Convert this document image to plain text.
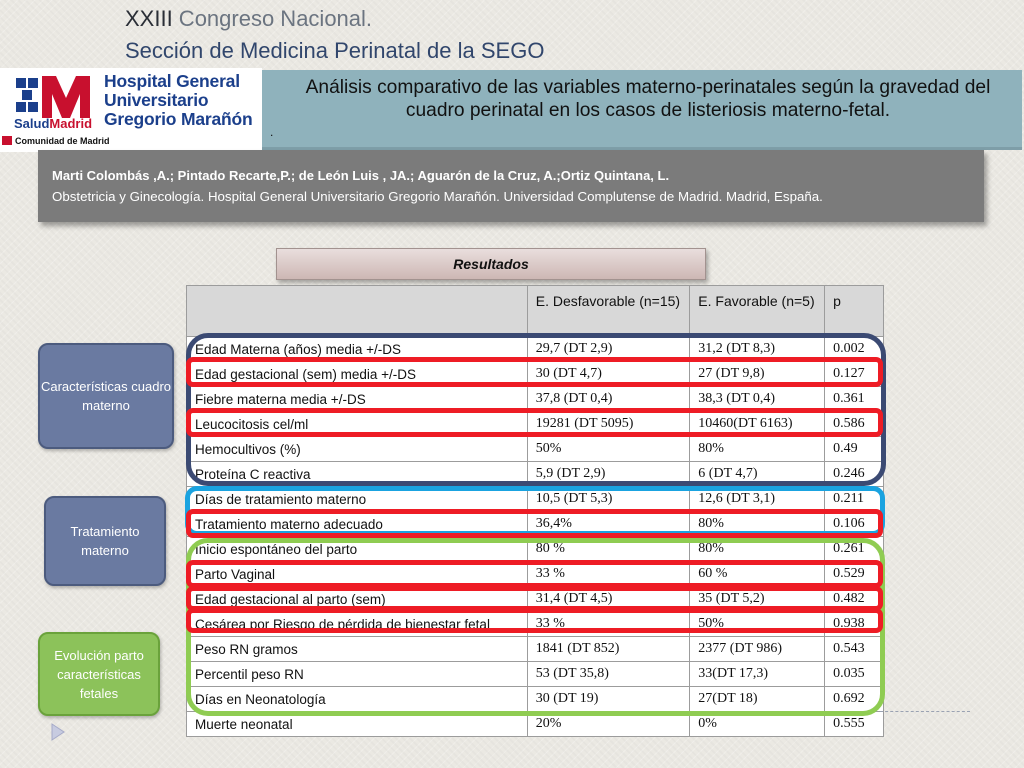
XXIII Congreso Nacional.
Sección de Medicina Perinatal de la SEGO
Hospital General
Universitario
Gregorio Marañón
SaludMadrid
Comunidad de Madrid
Análisis comparativo de las variables materno-perinatales según la gravedad del cuadro perinatal en los casos de listeriosis materno-fetal.
.
Marti Colombás ,A.; Pintado Recarte,P.; de León Luis , JA.; Aguarón de la Cruz, A.;Ortiz Quintana, L.
Obstetricia y Ginecología. Hospital General Universitario Gregorio Marañón. Universidad Complutense de Madrid. Madrid, España.
Resultados
	E. Desfavorable (n=15)	E. Favorable (n=5)	p
Edad Materna (años) media +/-DS	29,7 (DT 2,9)	31,2 (DT 8,3)	0.002
Edad gestacional (sem) media +/-DS	30 (DT 4,7)	27 (DT 9,8)	0.127
Fiebre materna media +/-DS	37,8 (DT 0,4)	38,3 (DT 0,4)	0.361
Leucocitosis cel/ml	19281 (DT 5095)	10460(DT 6163)	0.586
Hemocultivos (%)	50%	80%	0.49
Proteína C reactiva	5,9 (DT 2,9)	6 (DT 4,7)	0.246
Días de tratamiento materno	10,5 (DT 5,3)	12,6 (DT 3,1)	0.211
Tratamiento materno adecuado	36,4%	80%	0.106
Inicio espontáneo del parto	80 %	80%	0.261
Parto Vaginal	33 %	60 %	0.529
Edad gestacional al parto (sem)	31,4 (DT 4,5)	35 (DT 5,2)	0.482
Cesárea por Riesgo de pérdida de bienestar fetal	33 %	50%	0.938
Peso RN gramos	1841 (DT 852)	2377 (DT 986)	0.543
Percentil peso RN	53 (DT 35,8)	33(DT 17,3)	0.035
Días en Neonatología	30 (DT 19)	27(DT 18)	0.692
Muerte neonatal	20%	0%	0.555
Características cuadro materno
Tratamiento materno
Evolución parto características fetales
